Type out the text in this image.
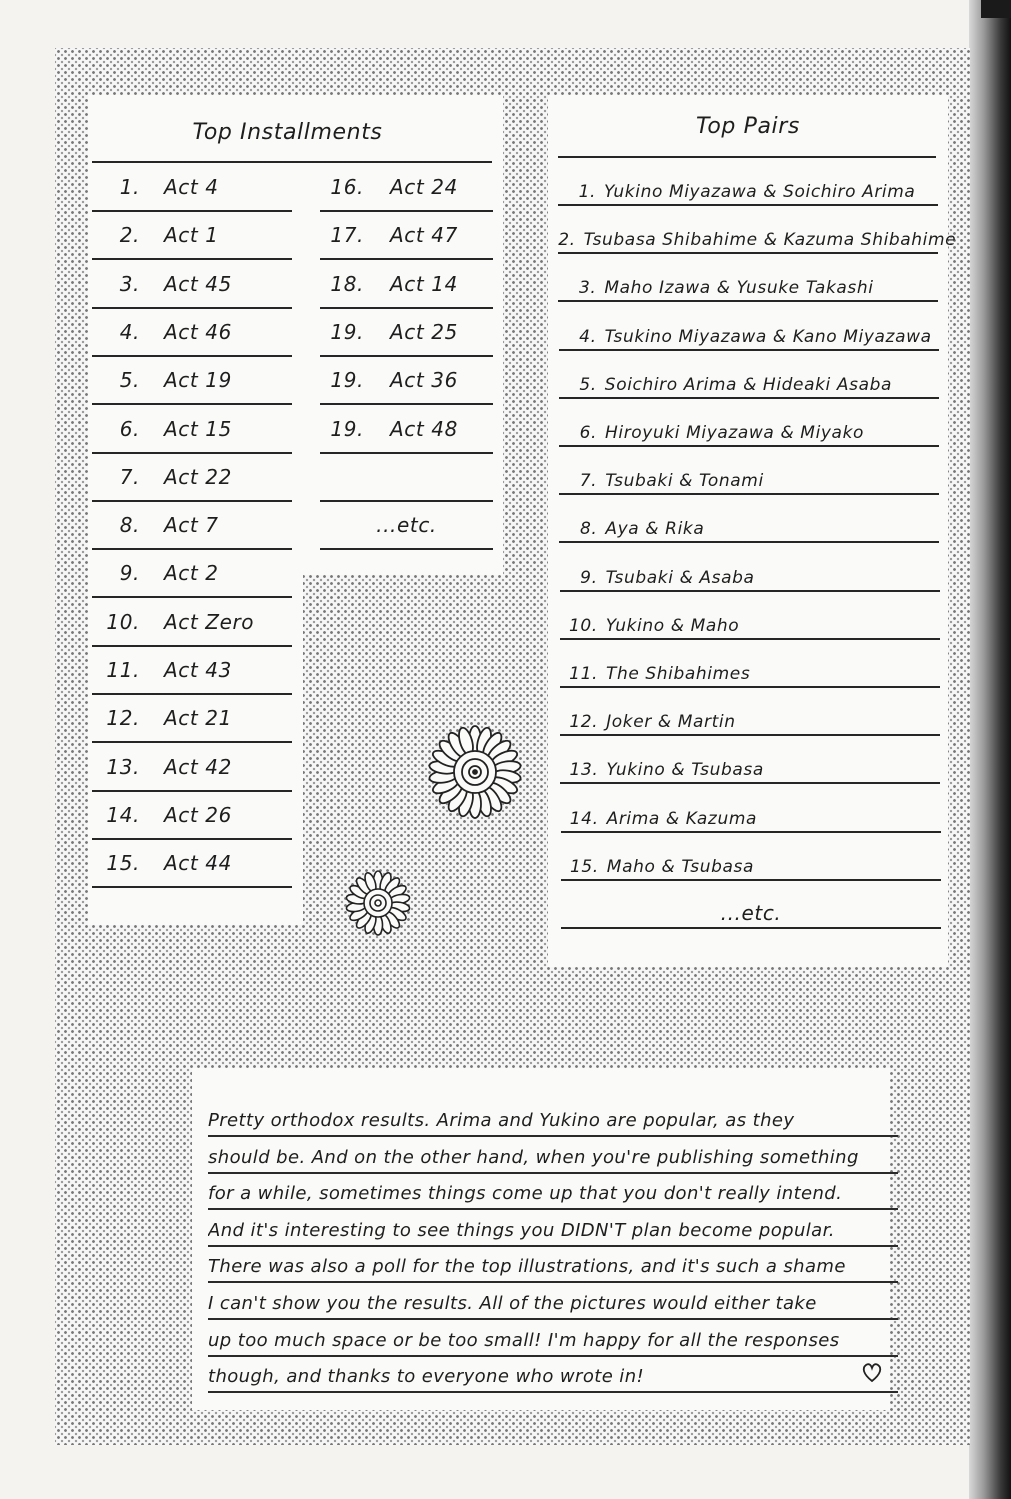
Top Installments
1. Act 4
2. Act 1
3. Act 45
4. Act 46
5. Act 19
6. Act 15
7. Act 22
8. Act 7
9. Act 2
10. Act Zero
11. Act 43
12. Act 21
13. Act 42
14. Act 26
15. Act 44
16. Act 24
17. Act 47
18. Act 14
19. Act 25
19. Act 36
19. Act 48
...etc.
Top Pairs
1. Yukino Miyazawa & Soichiro Arima
2. Tsubasa Shibahime & Kazuma Shibahime
3. Maho Izawa & Yusuke Takashi
4. Tsukino Miyazawa & Kano Miyazawa
5. Soichiro Arima & Hideaki Asaba
6. Hiroyuki Miyazawa & Miyako
7. Tsubaki & Tonami
8. Aya & Rika
9. Tsubaki & Asaba
10. Yukino & Maho
11. The Shibahimes
12. Joker & Martin
13. Yukino & Tsubasa
14. Arima & Kazuma
15. Maho & Tsubasa
...etc.
Pretty orthodox results. Arima and Yukino are popular, as they
should be. And on the other hand, when you're publishing something
for a while, sometimes things come up that you don't really intend.
And it's interesting to see things you DIDN'T plan become popular.
There was also a poll for the top illustrations, and it's such a shame
I can't show you the results. All of the pictures would either take
up too much space or be too small! I'm happy for all the responses
though, and thanks to everyone who wrote in!
